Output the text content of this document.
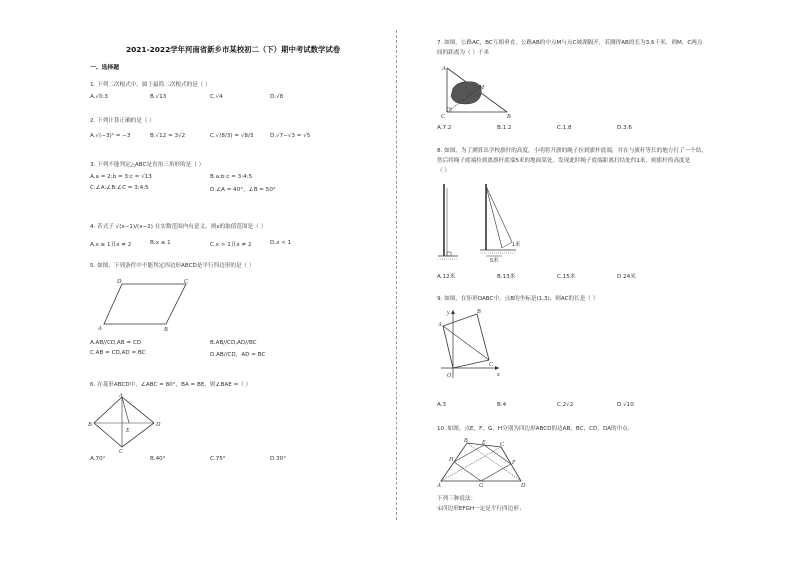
2021-2022学年河南省新乡市某校初二（下）期中考试数学试卷
一、选择题
1. 下列二次根式中，属于最简二次根式的是（ ）
A.√0.3	B.√13	C.√4	D.√8
2. 下列计算正确的是（ ）
A.√(−3)² = −3	B.√12 = 3√2	C.√(8/3) = √8/3	D.√7−√3 = √5
3. 下列不能判定△ABC是直角三角形的是（ ）
A.a = 2:b = 3:c = √13	B.a:b:c = 3:4:5
C.∠A:∠B:∠C = 3:4:5	D.∠A = 40°，∠B = 50°
4. 若式子 √(x−1)/(x−2) 在实数范围内有意义，则x的取值范围是（ ）
A.x ≥ 1且x ≠ 2	B.x ≤ 1	C.x > 1且x ≠ 2	D.x < 1
5. 如图，下列条件中不能判定四边形ABCD是平行四边形的是（ ）
A
D	C
B
A.AB//CD,AB = CD	B.AB//CD,AD//BC
C.AB = CD,AD = BC	D.AB//CD，AD = BC
6. 在菱形ABCD中，∠ABC = 80°，BA = BE，则∠BAE =（ ）
A
B	D
C
E
A.70°	B.40°	C.75°	D.30°
7. 如图，公路AC，BC互相垂直，公路AB的中点M与点C被湖隔开，若测得AB的长为3.6千米，则M，C两点
间的距离为（ ）千米
A
C	B
M
A.7.2	B.1.2	C.1.8	D.3.6
8. 如图，为了测算出学校旗杆的高度，小明将升旗的绳子拉到旗杆底端，并在与旗杆等长的地方打了一个结，
然后将绳子底端拉到离旗杆底端5米的地面某处，发现此时绳子底端距离打结处约1米，则旗杆的高度是
（ ）
5米
1米
A.12米	B.13米	C.15米	D.24米
9. 如图，在矩形OABC中，点B的坐标是(1,3)，则AC的长是（ ）
y
x
O
A
B
C
A.3	B.4	C.2√2	D.√10
10. 如图，点E，F，G，H分别为四边形ABCD的边AB，BC，CD，DA的中点．
A
B
C
D
H
E
F
G
下列三种说法：
①四边形EFGH一定是平行四边形；
